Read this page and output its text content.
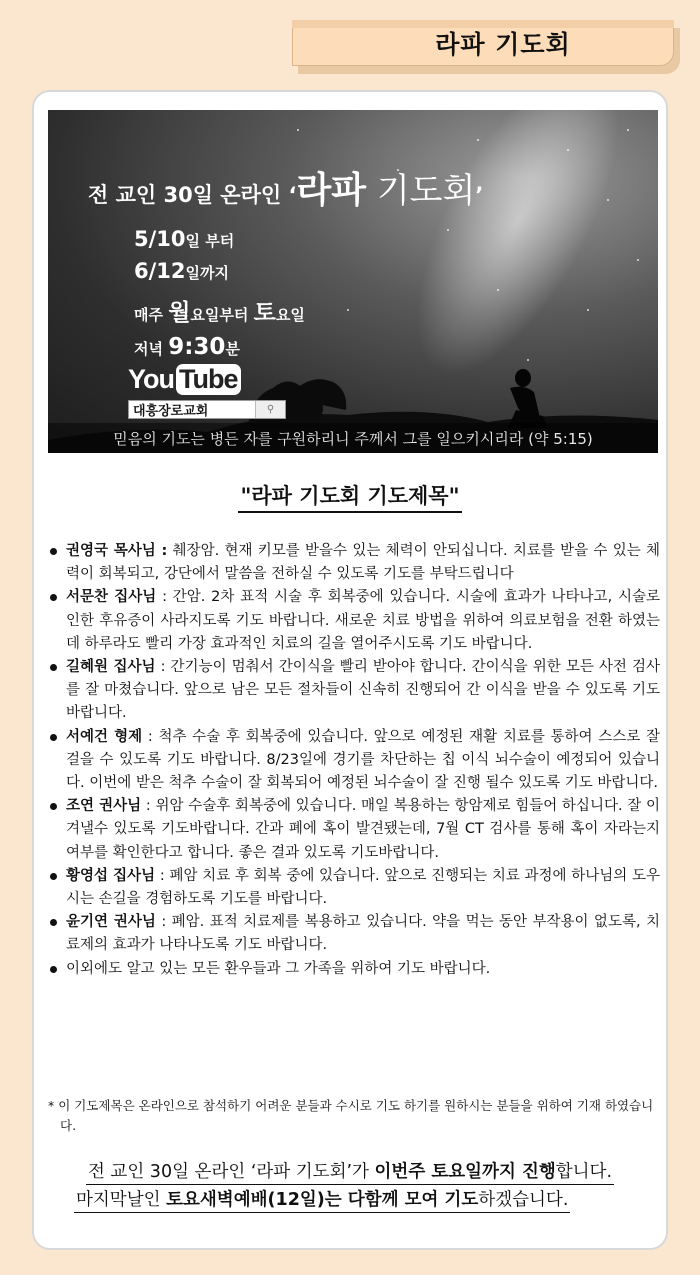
라파 기도회
전 교인 30일 온라인 ‘라파 기도회’
5/10일 부터
6/12일까지
매주 월요일부터 토요일
저녁 9:30분
You Tube
대흥장로교회	⚲
믿음의 기도는 병든 자를 구원하리니 주께서 그를 일으키시리라 (약 5:15)
"라파 기도회 기도제목"
권영국 목사님 : 췌장암. 현재 키모를 받을수 있는 체력이 안되십니다. 치료를 받을 수 있는 체력이 회복되고, 강단에서 말씀을 전하실 수 있도록 기도를 부탁드립니다
서문찬 집사님 : 간암. 2차 표적 시술 후 회복중에 있습니다. 시술에 효과가 나타나고, 시술로 인한 후유증이 사라지도록 기도 바랍니다. 새로운 치료 방법을 위하여 의료보험을 전환 하였는데 하루라도 빨리 가장 효과적인 치료의 길을 열어주시도록 기도 바랍니다.
길혜원 집사님 : 간기능이 멈춰서 간이식을 빨리 받아야 합니다. 간이식을 위한 모든 사전 검사를 잘 마쳤습니다. 앞으로 남은 모든 절차들이 신속히 진행되어 간 이식을 받을 수 있도록 기도 바랍니다.
서예건 형제 : 척추 수술 후 회복중에 있습니다. 앞으로 예정된 재활 치료를 통하여 스스로 잘 걸을 수 있도록 기도 바랍니다. 8/23일에 경기를 차단하는 칩 이식 뇌수술이 예정되어 있습니다. 이번에 받은 척추 수술이 잘 회복되어 예정된 뇌수술이 잘 진행 될수 있도록 기도 바랍니다.
조연 권사님 : 위암 수술후 회복중에 있습니다. 매일 복용하는 항암제로 힘들어 하십니다. 잘 이겨낼수 있도록 기도바랍니다. 간과 폐에 혹이 발견됐는데, 7월 CT 검사를 통해 혹이 자라는지 여부를 확인한다고 합니다. 좋은 결과 있도록 기도바랍니다.
황영섭 집사님 : 폐암 치료 후 회복 중에 있습니다. 앞으로 진행되는 치료 과정에 하나님의 도우시는 손길을 경험하도록 기도를 바랍니다.
윤기연 권사님 : 폐암. 표적 치료제를 복용하고 있습니다. 약을 먹는 동안 부작용이 없도록, 치료제의 효과가 나타나도록 기도 바랍니다.
이외에도 알고 있는 모든 환우들과 그 가족을 위하여 기도 바랍니다.
* 이 기도제목은 온라인으로 참석하기 어려운 분들과 수시로 기도 하기를 원하시는 분들을 위하여 기재 하였습니다.
전 교인 30일 온라인 ‘라파 기도회’가 이번주 토요일까지 진행합니다.
마지막날인 토요새벽예배(12일)는 다함께 모여 기도하겠습니다.
